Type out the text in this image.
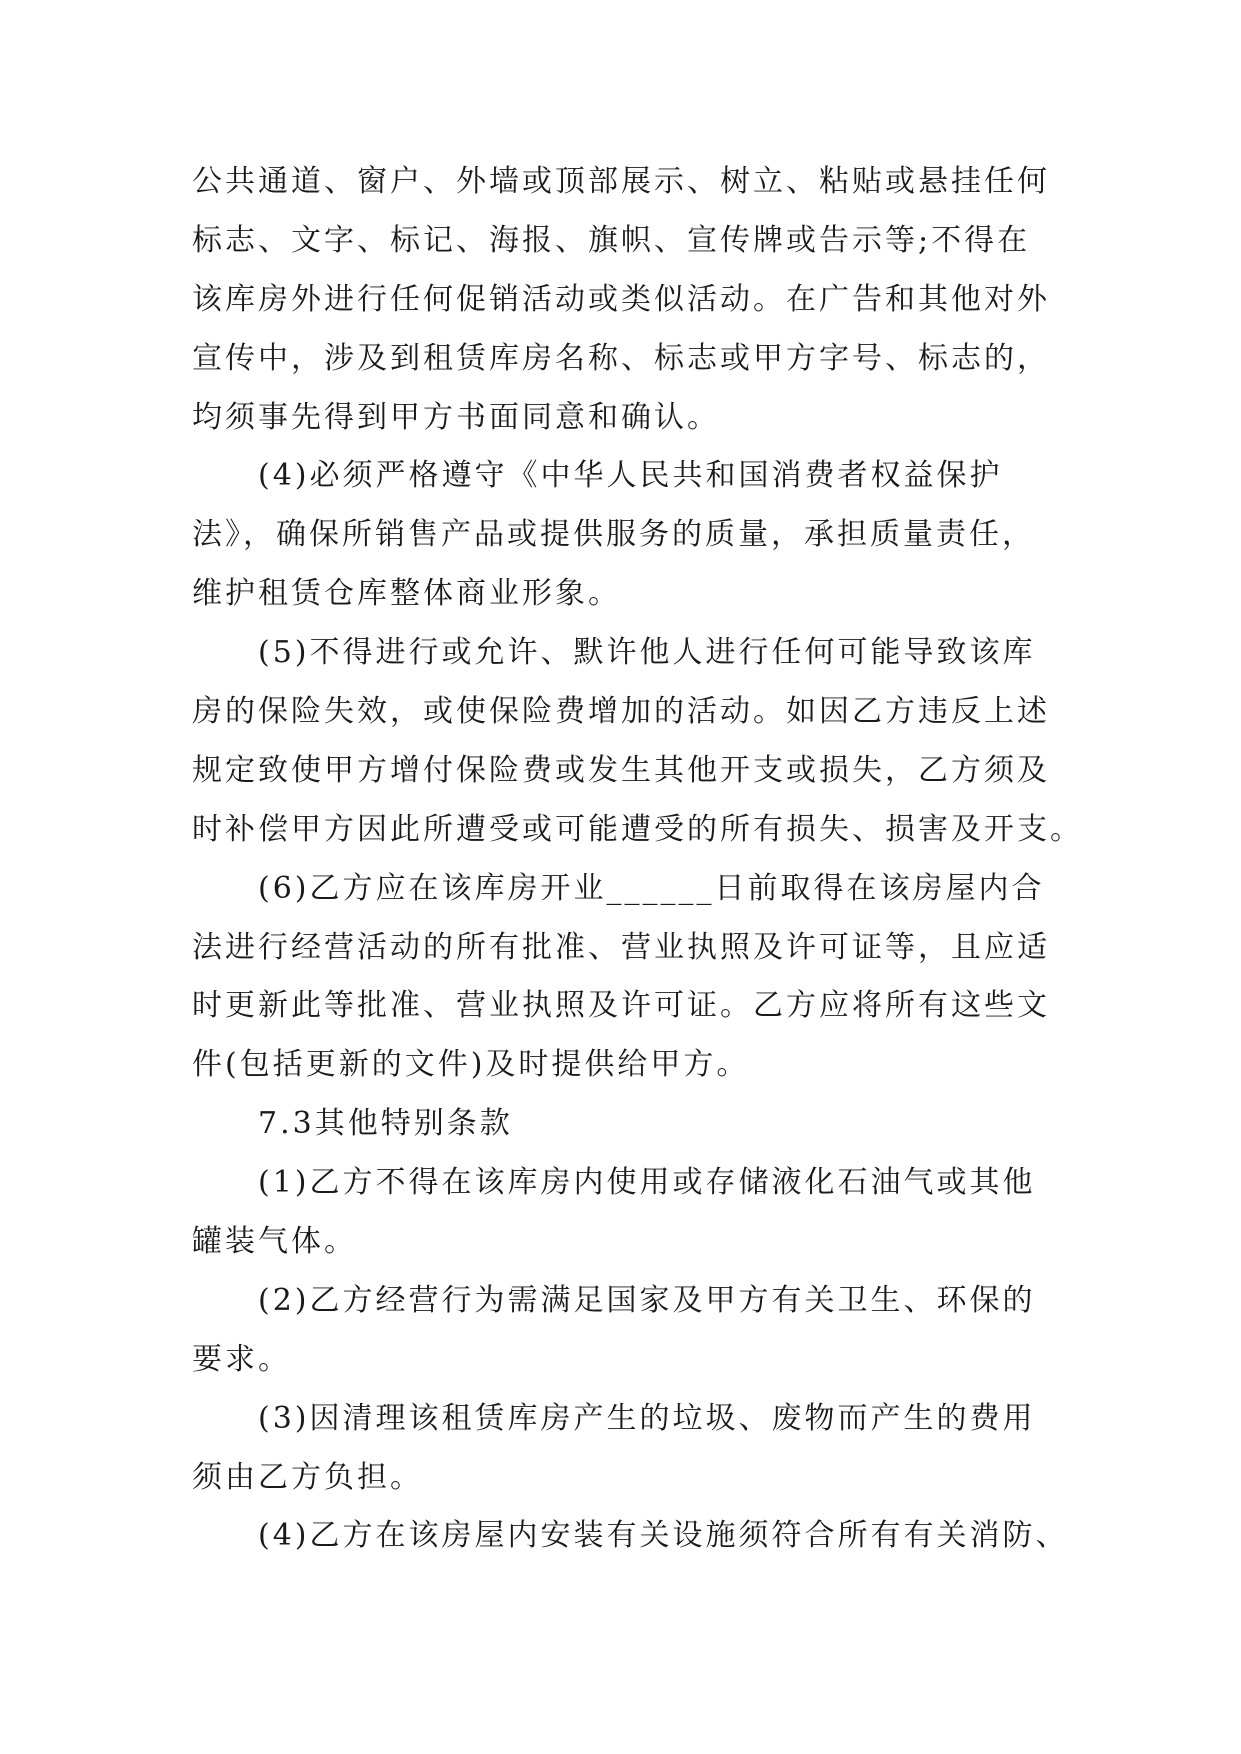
公共通道、窗户、外墙或顶部展示、树立、粘贴或悬挂任何
标志、文字、标记、海报、旗帜、宣传牌或告示等;不得在
该库房外进行任何促销活动或类似活动。在广告和其他对外
宣传中，涉及到租赁库房名称、标志或甲方字号、标志的，
均须事先得到甲方书面同意和确认。
(4)必须严格遵守《中华人民共和国消费者权益保护
法》，确保所销售产品或提供服务的质量，承担质量责任，
维护租赁仓库整体商业形象。
(5)不得进行或允许、默许他人进行任何可能导致该库
房的保险失效，或使保险费增加的活动。如因乙方违反上述
规定致使甲方增付保险费或发生其他开支或损失，乙方须及
时补偿甲方因此所遭受或可能遭受的所有损失、损害及开支。
(6)乙方应在该库房开业______日前取得在该房屋内合
法进行经营活动的所有批准、营业执照及许可证等，且应适
时更新此等批准、营业执照及许可证。乙方应将所有这些文
件(包括更新的文件)及时提供给甲方。
7.3其他特别条款
(1)乙方不得在该库房内使用或存储液化石油气或其他
罐装气体。
(2)乙方经营行为需满足国家及甲方有关卫生、环保的
要求。
(3)因清理该租赁库房产生的垃圾、废物而产生的费用
须由乙方负担。
(4)乙方在该房屋内安装有关设施须符合所有有关消防、
